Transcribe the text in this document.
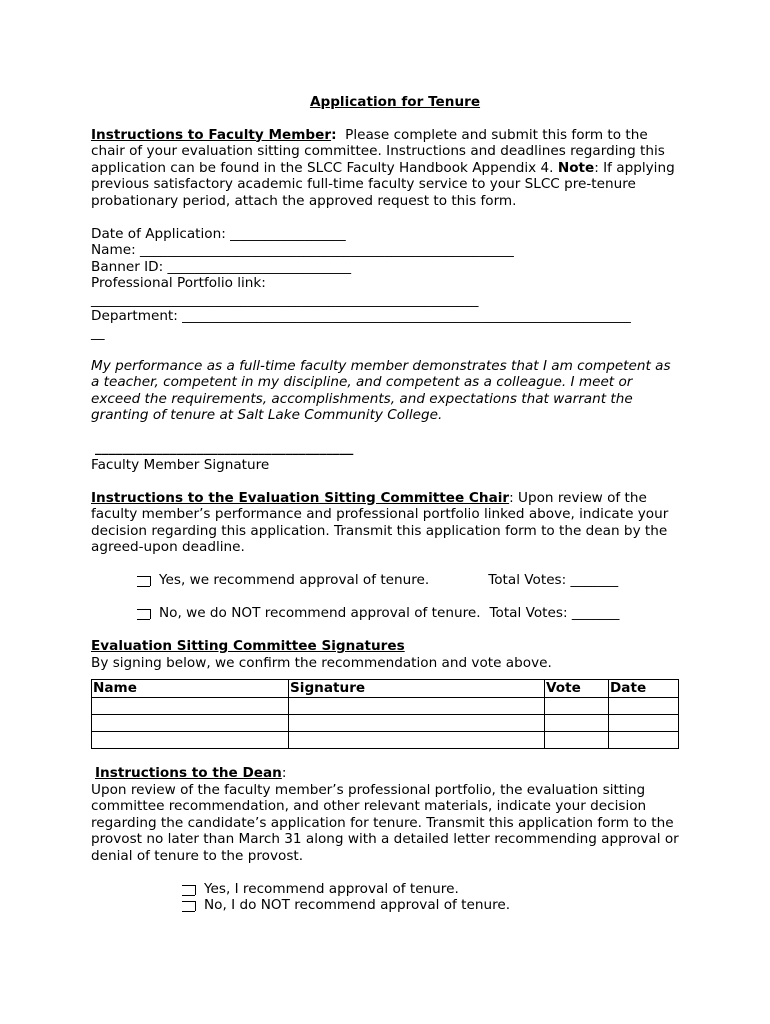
Application for Tenure

Instructions to Faculty Member:  Please complete and submit this form to the chair of your evaluation sitting committee. Instructions and deadlines regarding this application can be found in the SLCC Faculty Handbook Appendix 4. Note: If applying previous satisfactory academic full-time faculty service to your SLCC pre-tenure probationary period, attach the approved request to this form.

Date of Application: _________________

Name: _______________________________________________________

Banner ID: ___________________________

Professional Portfolio link:

_________________________________________________________

Department: __________________________________________________________________

__

My performance as a full-time faculty member demonstrates that I am competent as a teacher, competent in my discipline, and competent as a colleague. I meet or exceed the requirements, accomplishments, and expectations that warrant the granting of tenure at Salt Lake Community College.

______________________________________

Faculty Member Signature

Instructions to the Evaluation Sitting Committee Chair: Upon review of the faculty member’s performance and professional portfolio linked above, indicate your decision regarding this application. Transmit this application form to the dean by the agreed-upon deadline.

Yes, we recommend approval of tenure.	Total Votes: _______
No, we do NOT recommend approval of tenure. Total Votes: _______

Evaluation Sitting Committee Signatures

By signing below, we confirm the recommendation and vote above.

Name	Signature	Vote	Date

Instructions to the Dean:

Upon review of the faculty member’s professional portfolio, the evaluation sitting committee recommendation, and other relevant materials, indicate your decision regarding the candidate’s application for tenure. Transmit this application form to the provost no later than March 31 along with a detailed letter recommending approval or denial of tenure to the provost.

Yes, I recommend approval of tenure.
No, I do NOT recommend approval of tenure.
